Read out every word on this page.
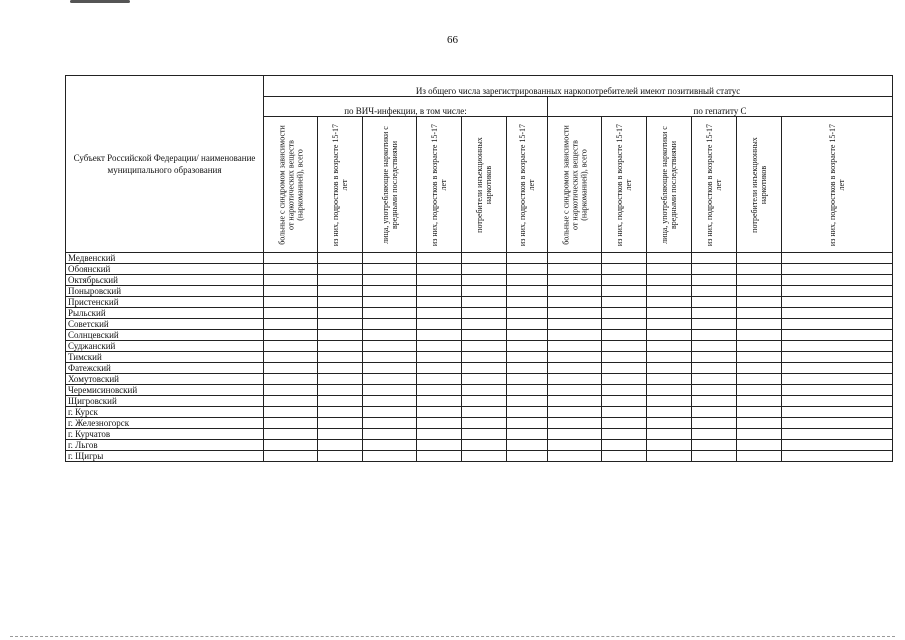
66
Субъект Российской Федерации/ наименование муниципального образования	Из общего числа зарегистрированных наркопотребителей имеют позитивный статус											
	по ВИЧ-инфекции, в том числе:						по гепатиту С					

	больные с синдромом зависимости от наркотических веществ (наркоманией), всего	из них, подростков в возрасте 15-17 лет	лица, употребляющие наркотики с вредными последствиями	из них, подростков в возрасте 15-17 лет	потребители инъекционных наркотиков	из них, подростков в возрасте 15-17 лет	больные с синдромом зависимости от наркотических веществ (наркоманией), всего	из них, подростков в возрасте 15-17 лет	лица, употребляющие наркотики с вредными последствиями	из них, подростков в возрасте 15-17 лет	потребители инъекционных наркотиков	из них, подростков в возрасте 15-17 лет

Медвенский												
Обоянский												
Октябрьский												
Поныровский												
Пристенский												
Рыльский												
Советский												
Солнцевский												
Суджанский												
Тимский												
Фатежский												
Хомутовский												
Черемисиновский												
Щигровский												
г. Курск												
г. Железногорск												
г. Курчатов												
г. Льгов												
г. Щигры												
